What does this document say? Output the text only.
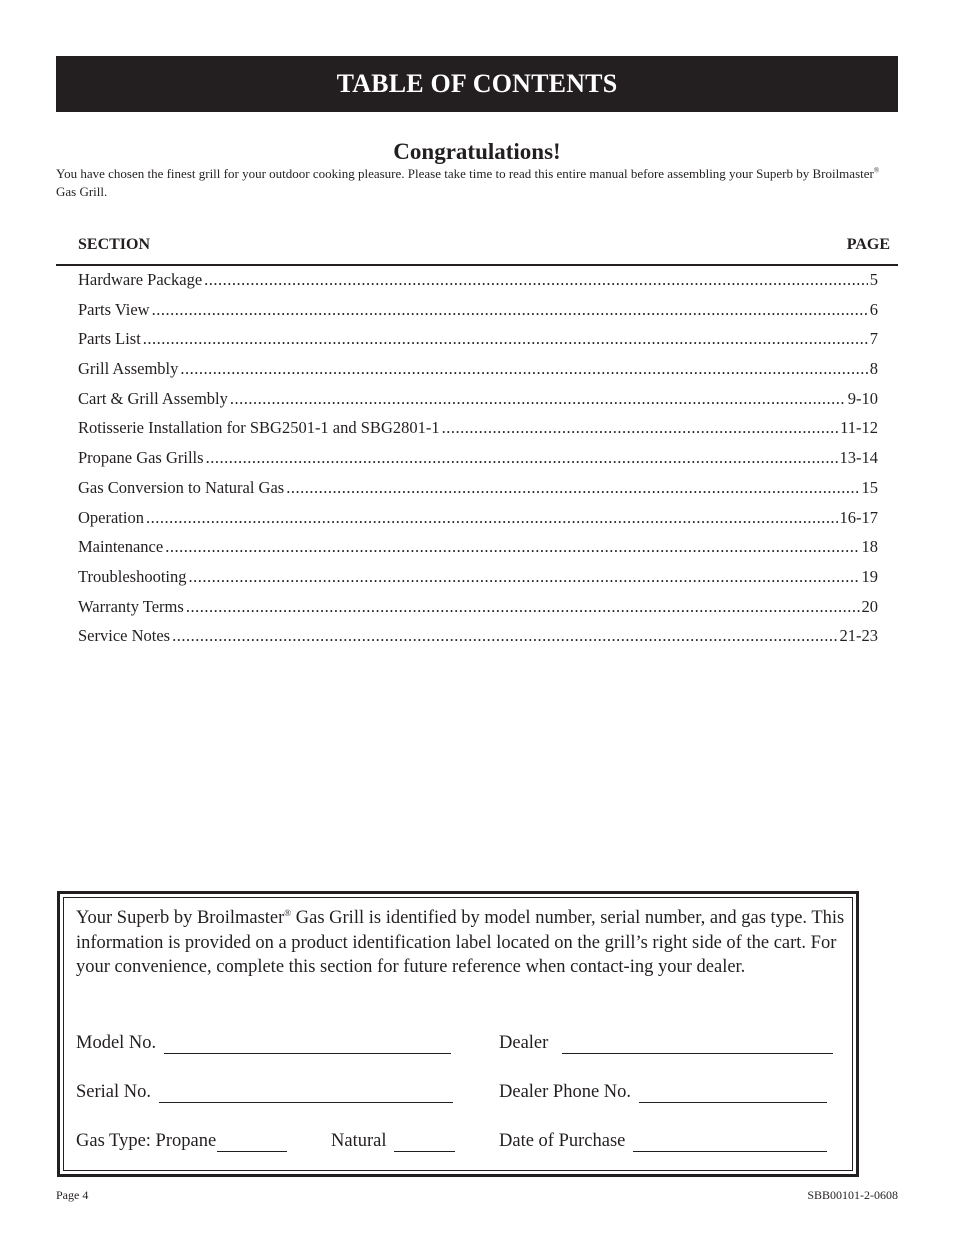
TABLE OF CONTENTS
Congratulations!

You have chosen the finest grill for your outdoor cooking pleasure. Please take time to read this entire manual before assembling your Superb by Broilmaster® Gas Grill.

SECTION	PAGE
Hardware Package .....	5
Parts View .....	6
Parts List .....	7
Grill Assembly .....	8
Cart & Grill Assembly .....	9-10
Rotisserie Installation for SBG2501-1 and SBG2801-1 .....	11-12
Propane Gas Grills .....	13-14
Gas Conversion to Natural Gas .....	15
Operation .....	16-17
Maintenance .....	18
Troubleshooting .....	19
Warranty Terms .....	20
Service Notes .....	21-23

Your Superb by Broilmaster® Gas Grill is identified by model number, serial number, and gas type. This information is provided on a product identification label located on the grill’s right side of the cart. For your convenience, complete this section for future reference when contact-ing your dealer.

Model No.	Dealer
Serial No.	Dealer Phone No.
Gas Type: Propane	Natural	Date of Purchase
Page 4	SBB00101-2-0608
